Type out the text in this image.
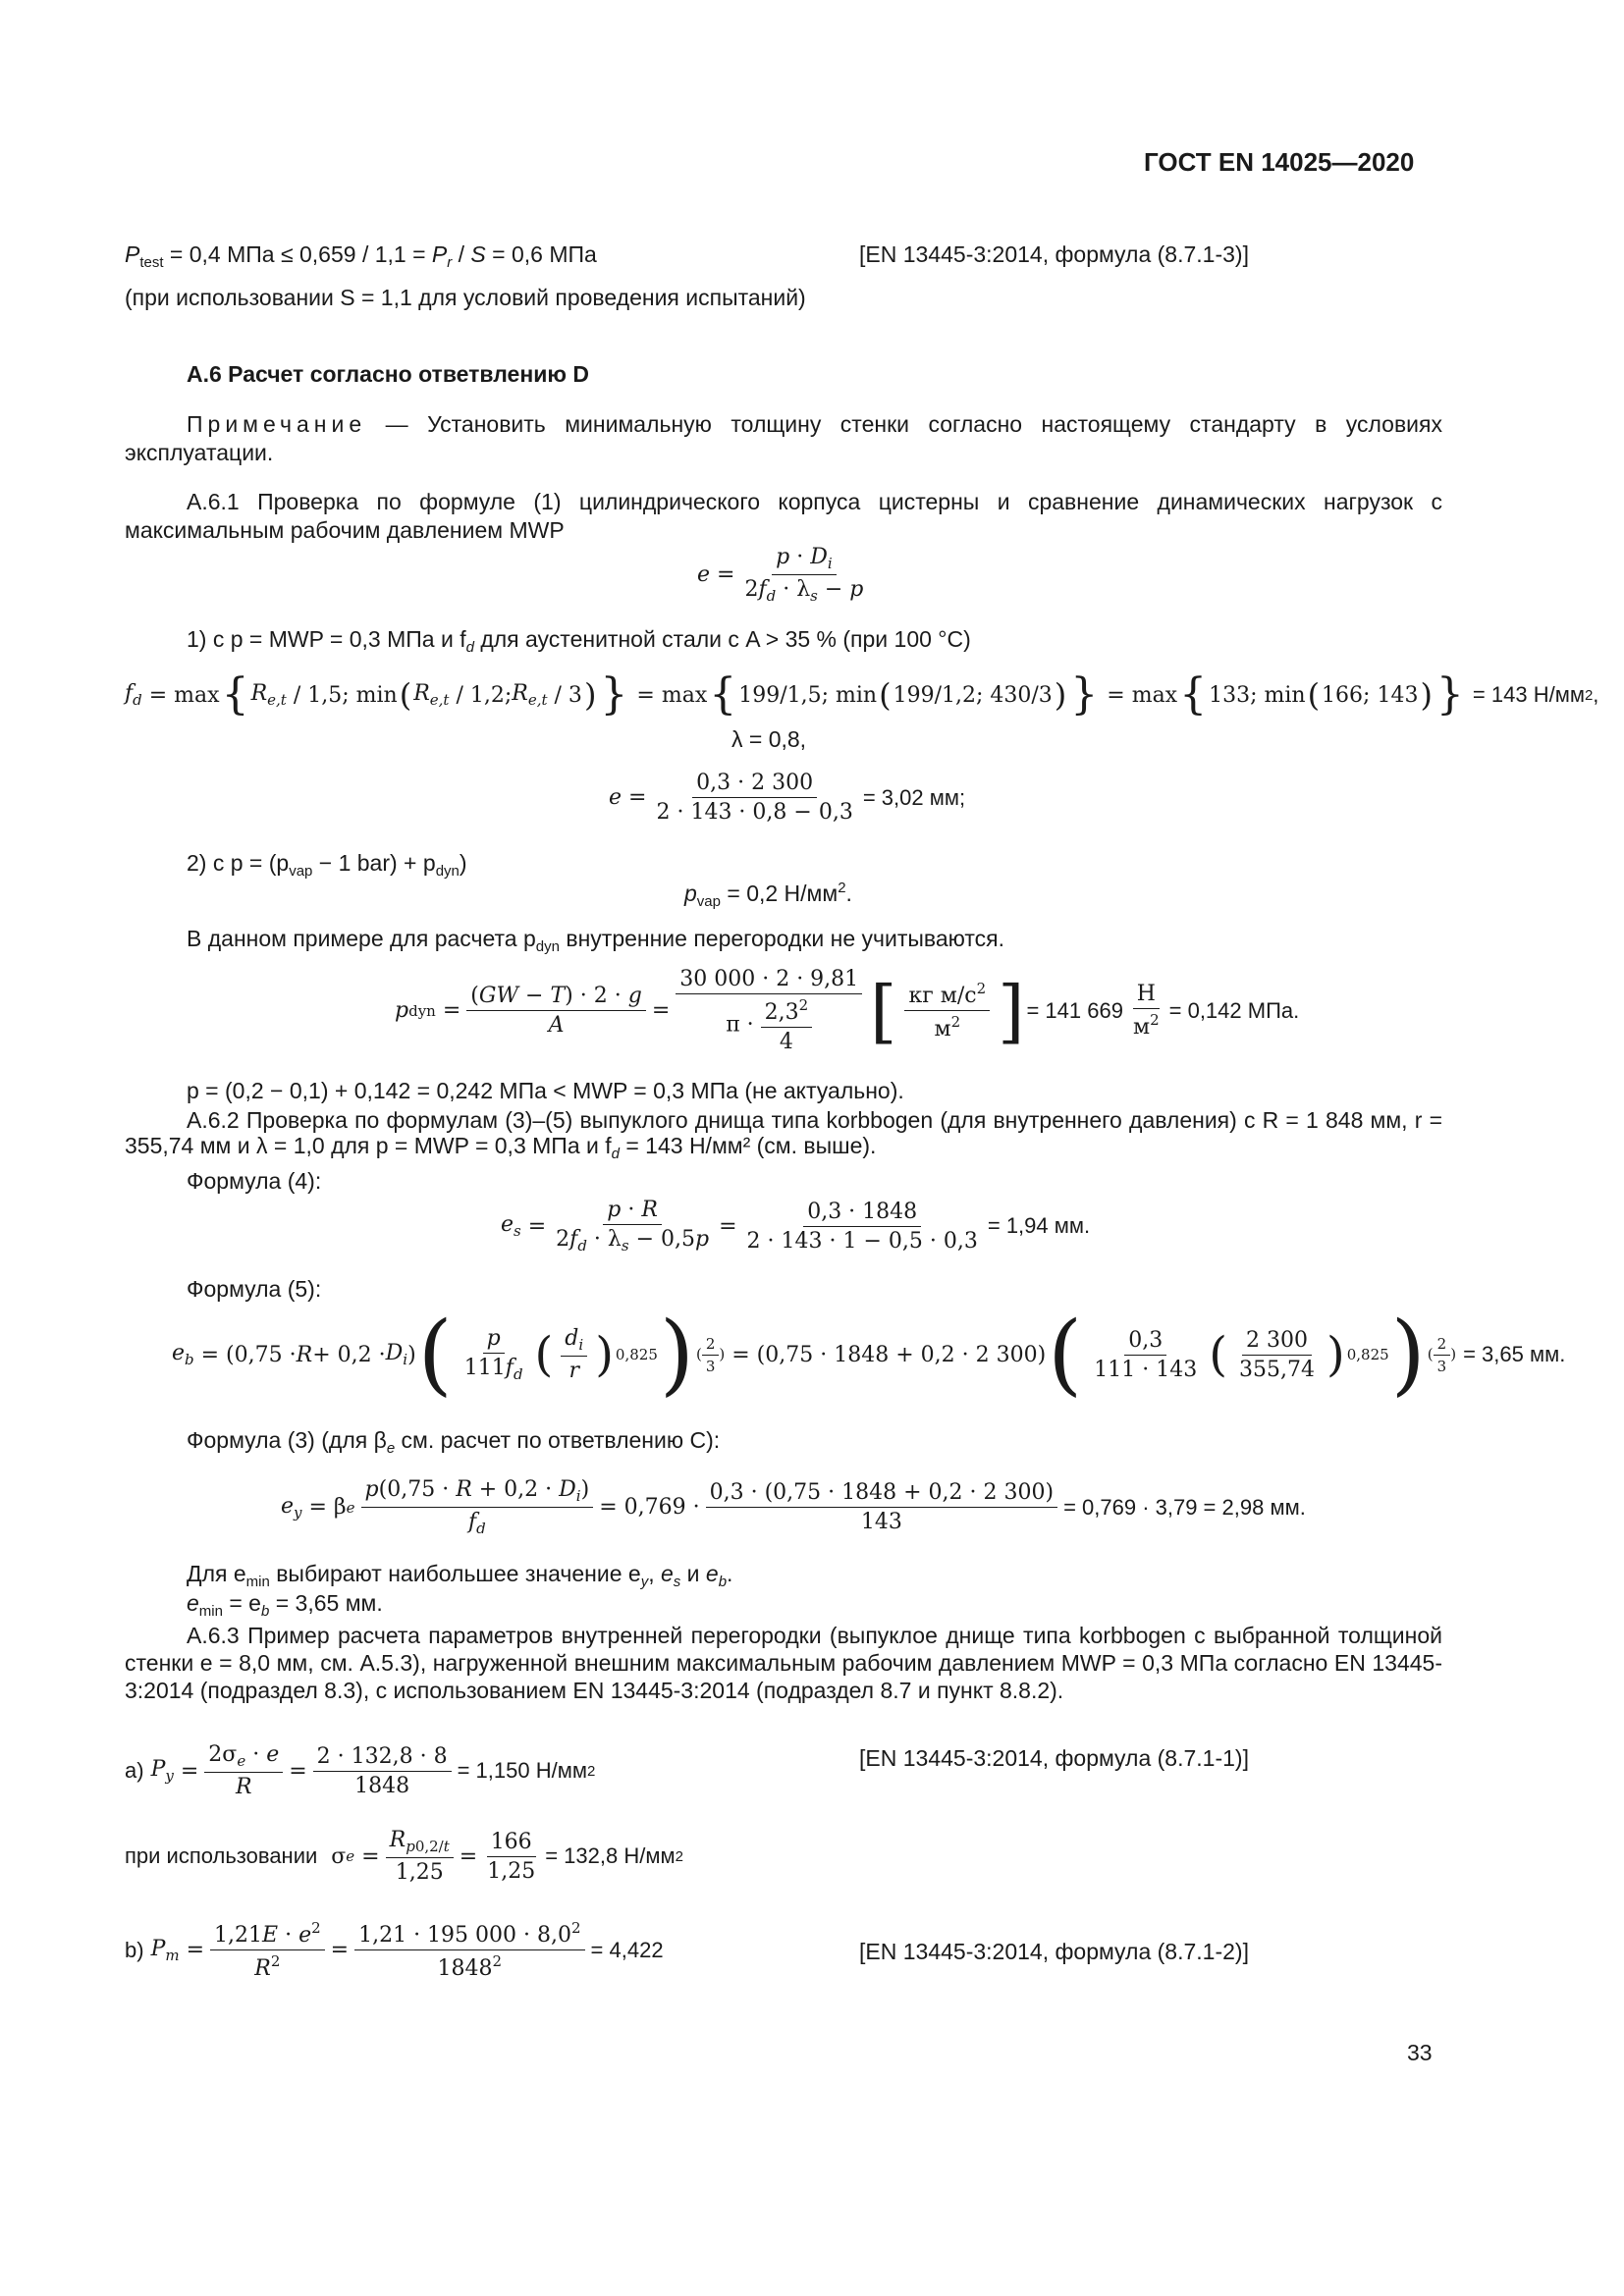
ГОСТ EN 14025—2020
$P_{test} = 0,4$ МПа ≤ $0,659 / 1,1 = P_r / S = 0,6$ МПа	[EN 13445-3:2014, формула (8.7.1-3)]
(при использовании S = 1,1 для условий проведения испытаний)
А.6 Расчет согласно ответвлению D
Примечание — Установить минимальную толщину стенки согласно настоящему стандарту в условиях эксплуатации.
А.6.1 Проверка по формуле (1) цилиндрического корпуса цистерны и сравнение динамических нагрузок с максимальным рабочим давлением MWP
$e = \frac{p \cdot D_i}{2f_d \cdot \lambda_s - p}$
1) с p = MWP = 0,3 МПа и $f_d$ для аустенитной стали с A > 35 % (при 100 °С)
$f_d = \max$ { $R_{e,t} / 1,5$; min ( $R_{e,t} / 1,2$; $R_{e,t} / 3$ ) } = max { 199/1,5; min ( 199/1,2; 430/3 ) } = max { 133; min ( 166; 143 ) }
= 143 Н/мм 2 ,
λ = 0,8,
$e = \frac{0,3 \cdot 2 300}{2 \cdot 143 \cdot 0,8 - 0,3} = 3,02$ мм;
2) с $p = (p_{vap} - 1$ $bar) + p_{dyn}$)
$p_{vap} = 0,2$ $Н/мм^2$.
В данном примере для расчета $p_{dyn}$ внутренние перегородки не учитываются.
p dyn = $\frac{(GW - T) \cdot 2 \cdot g}{A} = \frac{30 000 \cdot 2 \cdot 9,81}{\pi \cdot \frac{2,3^2}{4}}$ [ $\frac{кг м/с^2}{м^2}$ ] = 141 $669 \frac{Н}{м^2} = 0,142$ МПа.
p = (0,2 − 0,1) + 0,142 = 0,242 МПа < MWP = 0,3 МПа (не актуально).
А.6.2 Проверка по формулам (3)–(5) выпуклого днища типа korbbogen (для внутреннего давления) с R = 1 848 мм, r = 355,74 мм и λ = 1,0 для p = MWP = 0,3 МПа и $f_d = 143$ Н/мм² (см. выше).
Формула (4):
$e_s = \frac{p \cdot R}{2f_d \cdot \lambda_s - 0,5p} = \frac{0,3 \cdot 1848}{2 \cdot 143 \cdot 1 - 0,5 \cdot 0,3} = 1,94$ мм.
Формула (5):
$e_b = (0,75 \cdot R + 0,2 \cdot D_i$ ) ( $\frac{p}{111f_d}$ ( $\frac{d_i}{r}$ ) 0,825 ) ( $\frac{2}{3}$ ) = (0,75 · 1848 + 0,2 · 2 300) ( $\frac{0,3}{111 \cdot 143}$ ( $\frac{2 300}{355,74}$ ) 0,825 ) ( $\frac{2}{3}$ )
= 3,65 мм.
Формула (3) (для $\beta_e$ см. расчет по ответвлению С):
$e_y = \beta$ e $\frac{p(0,75 \cdot R + 0,2 \cdot D_i)}{f_d} = 0,769 \cdot \frac{0,3 \cdot (0,75 \cdot 1848 + 0,2 \cdot 2 300)}{143} = 0,769 \cdot 3,79 = 2,98$ мм.
Для $e_{min}$ выбирают наибольшее значение $e_y$, $e_s$ и $e_b$.
$e_{min} = e_b = 3,65$ мм.
А.6.3 Пример расчета параметров внутренней перегородки (выпуклое днище типа korbbogen с выбранной толщиной стенки e = 8,0 мм, см. А.5.3), нагруженной внешним максимальным рабочим давлением MWP = 0,3 МПа согласно EN 13445-3:2014 (подраздел 8.3), с использованием EN 13445-3:2014 (подраздел 8.7 и пункт 8.8.2).
a)
$P_y = \frac{2\sigma_e \cdot e}{R} = \frac{2 \cdot 132,8 \cdot 8}{1848} = 1,150$ Н/мм 2	[EN 13445-3:2014, формула (8.7.1-1)]
при использовании σ $e = \frac{R_{p0,2/t}}{1,25} = \frac{166}{1,25} = 132,8$ Н/мм 2
b)
$P_m = \frac{1,21E \cdot e^2}{R^2} = \frac{1,21 \cdot 195 000 \cdot 8,0^2}{1848^2} = 4,422$	[EN 13445-3:2014, формула (8.7.1-2)]
33
